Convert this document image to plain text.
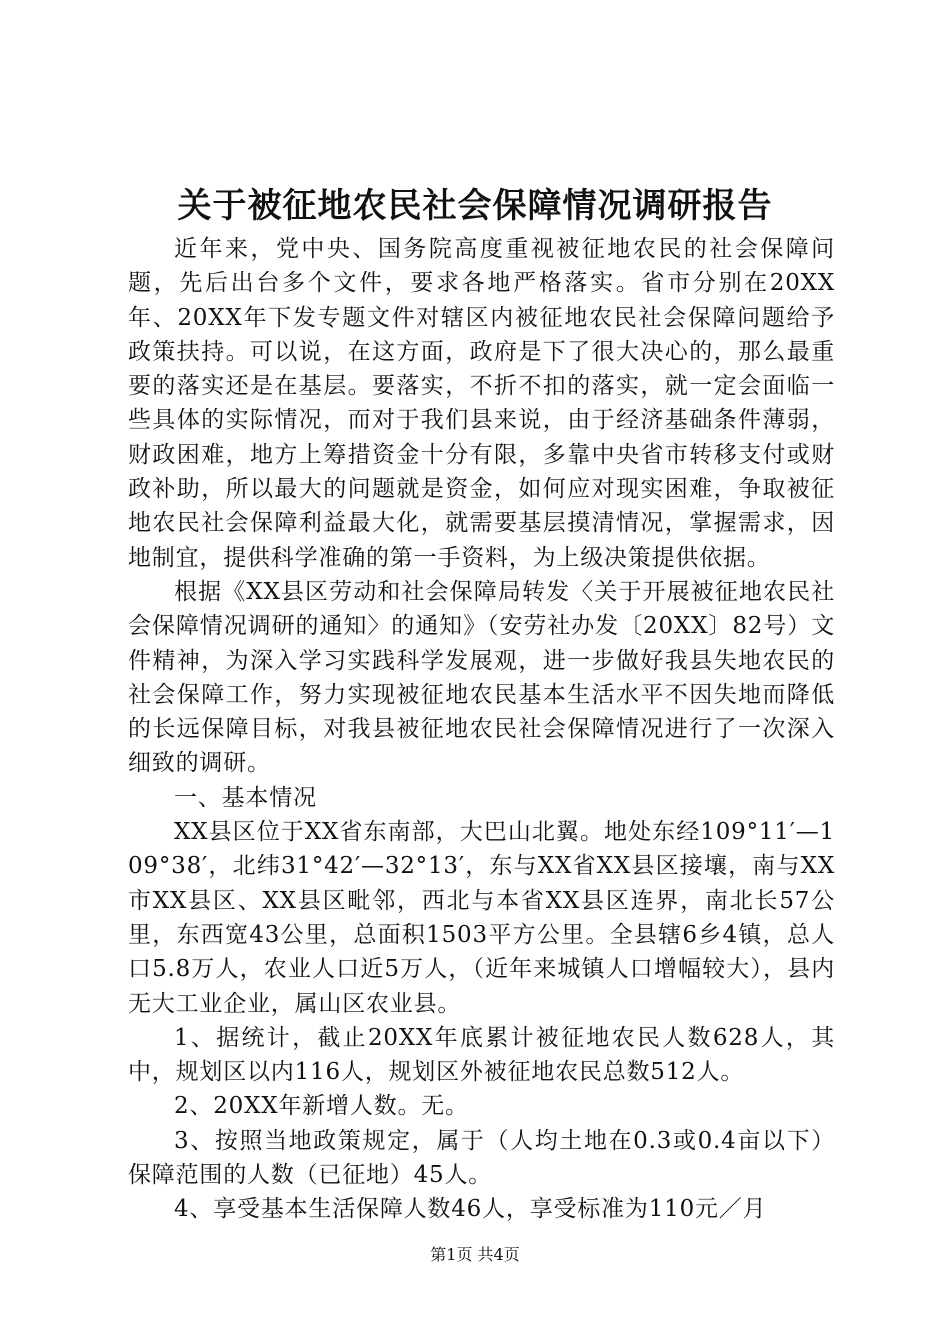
关于被征地农民社会保障情况调研报告

近年来，党中央、国务院高度重视被征地农民的社会保障问题，先后出台多个文件，要求各地严格落实。省市分别在20XX年、20XX年下发专题文件对辖区内被征地农民社会保障问题给予政策扶持。可以说，在这方面，政府是下了很大决心的，那么最重要的落实还是在基层。要落实，不折不扣的落实，就一定会面临一些具体的实际情况，而对于我们县来说，由于经济基础条件薄弱，财政困难，地方上筹措资金十分有限，多靠中央省市转移支付或财政补助，所以最大的问题就是资金，如何应对现实困难，争取被征地农民社会保障利益最大化，就需要基层摸清情况，掌握需求，因地制宜，提供科学准确的第一手资料，为上级决策提供依据。

根据《XX县区劳动和社会保障局转发〈关于开展被征地农民社会保障情况调研的通知〉的通知》（安劳社办发〔20XX〕82号）文件精神，为深入学习实践科学发展观，进一步做好我县失地农民的社会保障工作，努力实现被征地农民基本生活水平不因失地而降低的长远保障目标，对我县被征地农民社会保障情况进行了一次深入细致的调研。

一、基本情况

XX县区位于XX省东南部，大巴山北翼。地处东经109°11′—109°38′，北纬31°42′—32°13′，东与XX省XX县区接壤，南与XX市XX县区、XX县区毗邻，西北与本省XX县区连界，南北长57公里，东西宽43公里，总面积1503平方公里。全县辖6乡4镇，总人口5.8万人，农业人口近5万人，（近年来城镇人口增幅较大），县内无大工业企业，属山区农业县。

1、据统计，截止20XX年底累计被征地农民人数628人，其中，规划区以内116人，规划区外被征地农民总数512人。

2、20XX年新增人数。无。

3、按照当地政策规定，属于（人均土地在0.3或0.4亩以下）保障范围的人数（已征地）45人。

4、享受基本生活保障人数46人，享受标准为110元／月

第1页 共4页
